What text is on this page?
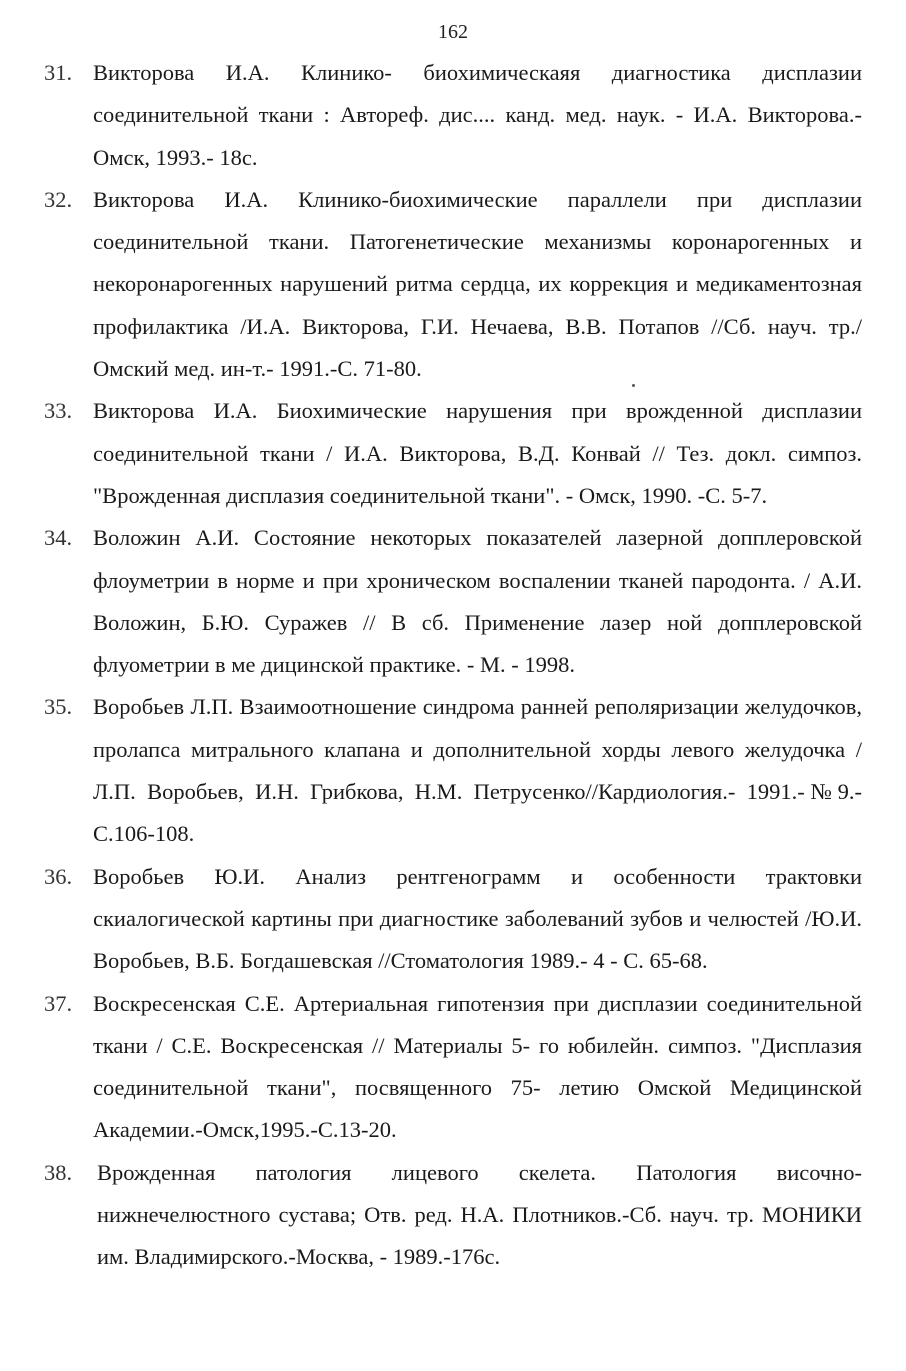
162
31. Викторова И.А. Клинико- биохимическаяя диагностика дисплазии соединительной ткани : Автореф. дис.... канд. мед. наук. - И.А. Викторова.- Омск, 1993.- 18с.
32. Викторова И.А. Клинико-биохимические параллели при дисплазии соединительной ткани. Патогенетические механизмы коронарогенных и некоронарогенных нарушений ритма сердца, их коррекция и медикаментозная профилактика /И.А. Викторова, Г.И. Нечаева, В.В. Потапов //Сб. науч. тр./Омский мед. ин-т.- 1991.-С. 71-80.
33. Викторова И.А. Биохимические нарушения при врожденной дисплазии соединительной ткани / И.А. Викторова, В.Д. Конвай // Тез. докл. симпоз. "Врожденная дисплазия соединительной ткани". - Омск, 1990. -С. 5-7.
34. Воложин А.И. Состояние некоторых показателей лазерной допплеровской флоуметрии в норме и при хроническом воспалении тканей пародонта. / А.И. Воложин, Б.Ю. Суражев // В сб. Применение лазер ной допплеровской флуометрии в ме дицинской практике. - М. - 1998.
35. Воробьев Л.П. Взаимоотношение синдрома ранней реполяризации желудочков, пролапса митрального клапана и дополнительной хорды левого желудочка /Л.П. Воробьев, И.Н. Грибкова, Н.М. Петрусенко//Кардиология.- 1991.-№9.-С.106-108.
36. Воробьев Ю.И. Анализ рентгенограмм и особенности трактовки скиалогической картины при диагностике заболеваний зубов и челюстей /Ю.И. Воробьев, В.Б. Богдашевская //Стоматология 1989.- 4 - С. 65-68.
37. Воскресенская С.Е. Артериальная гипотензия при дисплазии соединительной ткани / С.Е. Воскресенская // Материалы 5- го юбилейн. симпоз. "Дисплазия соединительной ткани", посвященного 75- летию Омской Медицинской Академии.-Омск,1995.-С.13-20.
38.	Врожденная патология лицевого скелета. Патология височно-нижнечелюстного сустава; Отв. ред. Н.А. Плотников.-Сб. науч. тр. МОНИКИ им. Владимирского.-Москва, - 1989.-176с.
